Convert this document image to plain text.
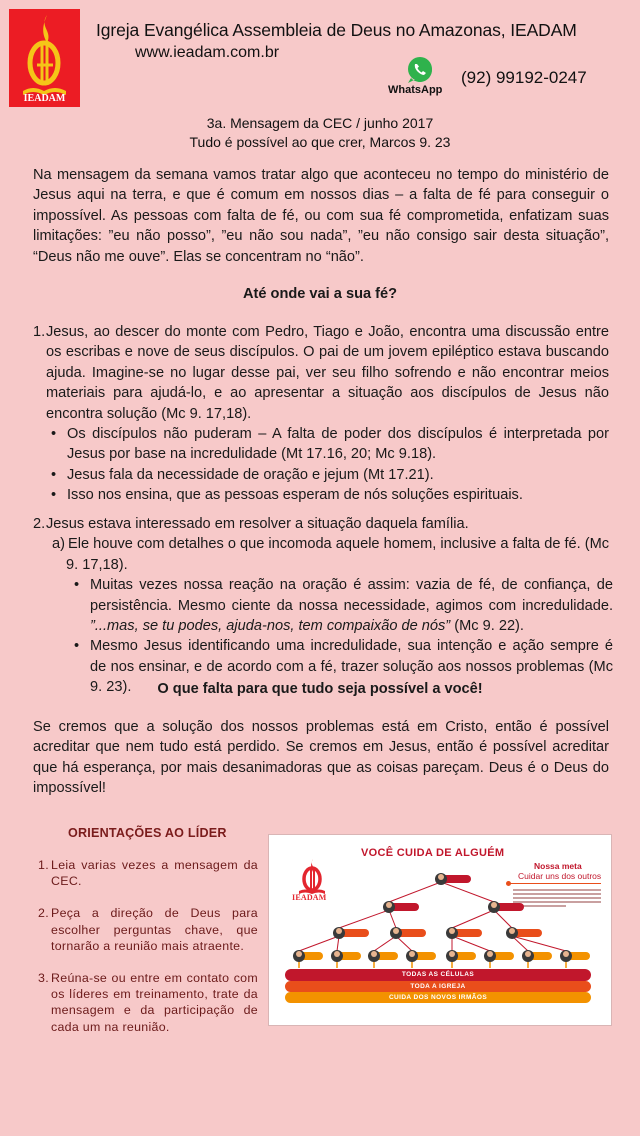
IEADAM
Igreja Evangélica Assembleia de Deus no Amazonas, IEADAM
www.ieadam.com.br
WhatsApp
(92) 99192-0247
3a. Mensagem da CEC / junho 2017
Tudo é possível ao que crer, Marcos 9. 23
Na mensagem da semana vamos tratar algo que aconteceu no tempo do ministério de Jesus aqui na terra, e que é comum em nossos dias – a falta de fé para conseguir o impossível. As pessoas com falta de fé, ou com sua fé comprometida, enfatizam suas limitações: ”eu não posso”, ”eu não sou nada”, ”eu não consigo sair desta situação”, “Deus não me ouve”. Elas se concentram no “não”.
Até onde vai a sua fé?
1. Jesus, ao descer do monte com Pedro, Tiago e João, encontra uma discussão entre os escribas e nove de seus discípulos. O pai de um jovem epiléptico estava buscando ajuda. Imagine-se no lugar desse pai, ver seu filho sofrendo e não encontrar meios materiais para ajudá-lo, e ao apresentar a situação aos discípulos de Jesus não encontra solução (Mc 9. 17,18).
• Os discípulos não puderam – A falta de poder dos discípulos é interpretada por Jesus por base na incredulidade (Mt 17.16, 20; Mc 9.18).
• Jesus fala da necessidade de oração e jejum (Mt 17.21).
• Isso nos ensina, que as pessoas esperam de nós soluções espirituais.
2. Jesus estava interessado em resolver a situação daquela família.
a) Ele houve com detalhes o que incomoda aquele homem, inclusive a falta de fé. (Mc 9. 17,18).
• Muitas vezes nossa reação na oração é assim: vazia de fé, de confiança, de persistência. Mesmo ciente da nossa necessidade, agimos com incredulidade. ”...mas, se tu podes, ajuda-nos, tem compaixão de nós” (Mc 9. 22).
• Mesmo Jesus identificando uma incredulidade, sua intenção e ação sempre é de nos ensinar, e de acordo com a fé, trazer solução aos nossos problemas (Mc 9. 23).	O que falta para que tudo seja possível a você!
Se cremos que a solução dos nossos problemas está em Cristo, então é possível acreditar que nem tudo está perdido. Se cremos em Jesus, então é possível acreditar que há esperança, por mais desanimadoras que as coisas pareçam. Deus é o Deus do impossível!
ORIENTAÇÕES AO LÍDER
1. Leia varias vezes a mensagem da CEC.
2. Peça a direção de Deus para escolher perguntas chave, que tornarão a reunião mais atraente.
3. Reúna-se ou entre em contato com os líderes em treinamento, trate da mensagem e da participação de cada um na reunião.
VOCÊ CUIDA DE ALGUÉM
IEADAM
Nossa meta
Cuidar uns dos outros
TODAS AS CÉLULAS
TODA A IGREJA
CUIDA DOS NOVOS IRMÃOS
